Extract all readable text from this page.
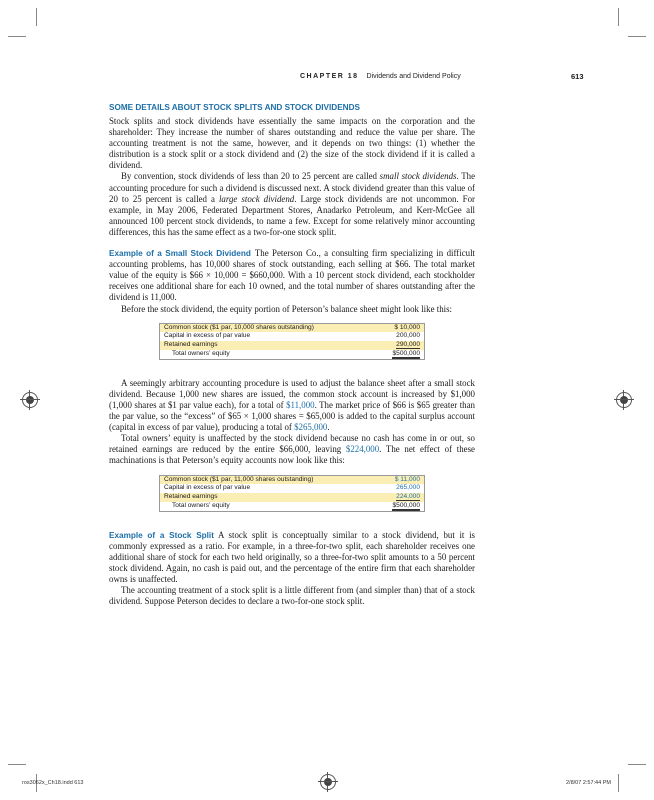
CHAPTER 18 Dividends and Dividend Policy	613
SOME DETAILS ABOUT STOCK SPLITS AND STOCK DIVIDENDS

Stock splits and stock dividends have essentially the same impacts on the corporation and the shareholder: They increase the number of shares outstanding and reduce the value per share. The accounting treatment is not the same, however, and it depends on two things: (1) whether the distribution is a stock split or a stock dividend and (2) the size of the stock dividend if it is called a dividend.

By convention, stock dividends of less than 20 to 25 percent are called small stock dividends. The accounting procedure for such a dividend is discussed next. A stock dividend greater than this value of 20 to 25 percent is called a large stock dividend. Large stock dividends are not uncommon. For example, in May 2006, Federated Department Stores, Anadarko Petroleum, and Kerr-McGee all announced 100 percent stock dividends, to name a few. Except for some relatively minor accounting differences, this has the same effect as a two-for-one stock split.

Example of a Small Stock Dividend The Peterson Co., a consulting firm specializing in difficult accounting problems, has 10,000 shares of stock outstanding, each selling at $66. The total market value of the equity is $66 × 10,000 = $660,000. With a 10 percent stock dividend, each stockholder receives one additional share for each 10 owned, and the total number of shares outstanding after the dividend is 11,000.

Before the stock dividend, the equity portion of Peterson’s balance sheet might look like this:

Common stock ($1 par, 10,000 shares outstanding)	$ 10,000
Capital in excess of par value	200,000
Retained earnings	290,000
Total owners’ equity	$500,000

A seemingly arbitrary accounting procedure is used to adjust the balance sheet after a small stock dividend. Because 1,000 new shares are issued, the common stock account is increased by $1,000 (1,000 shares at $1 par value each), for a total of $11,000. The market price of $66 is $65 greater than the par value, so the “excess” of $65 × 1,000 shares = $65,000 is added to the capital surplus account (capital in excess of par value), producing a total of $265,000.

Total owners’ equity is unaffected by the stock dividend because no cash has come in or out, so retained earnings are reduced by the entire $66,000, leaving $224,000. The net effect of these machinations is that Peterson’s equity accounts now look like this:

Common stock ($1 par, 11,000 shares outstanding)	$ 11,000
Capital in excess of par value	265,000
Retained earnings	224,000
Total owners’ equity	$500,000

Example of a Stock Split A stock split is conceptually similar to a stock dividend, but it is commonly expressed as a ratio. For example, in a three-for-two split, each shareholder receives one additional share of stock for each two held originally, so a three-for-two split amounts to a 50 percent stock dividend. Again, no cash is paid out, and the percentage of the entire firm that each shareholder owns is unaffected.

The accounting treatment of a stock split is a little different from (and simpler than) that of a stock dividend. Suppose Peterson decides to declare a two-for-one stock split.

ros3062x_Ch18.indd 613	2/8/07 2:57:44 PM
